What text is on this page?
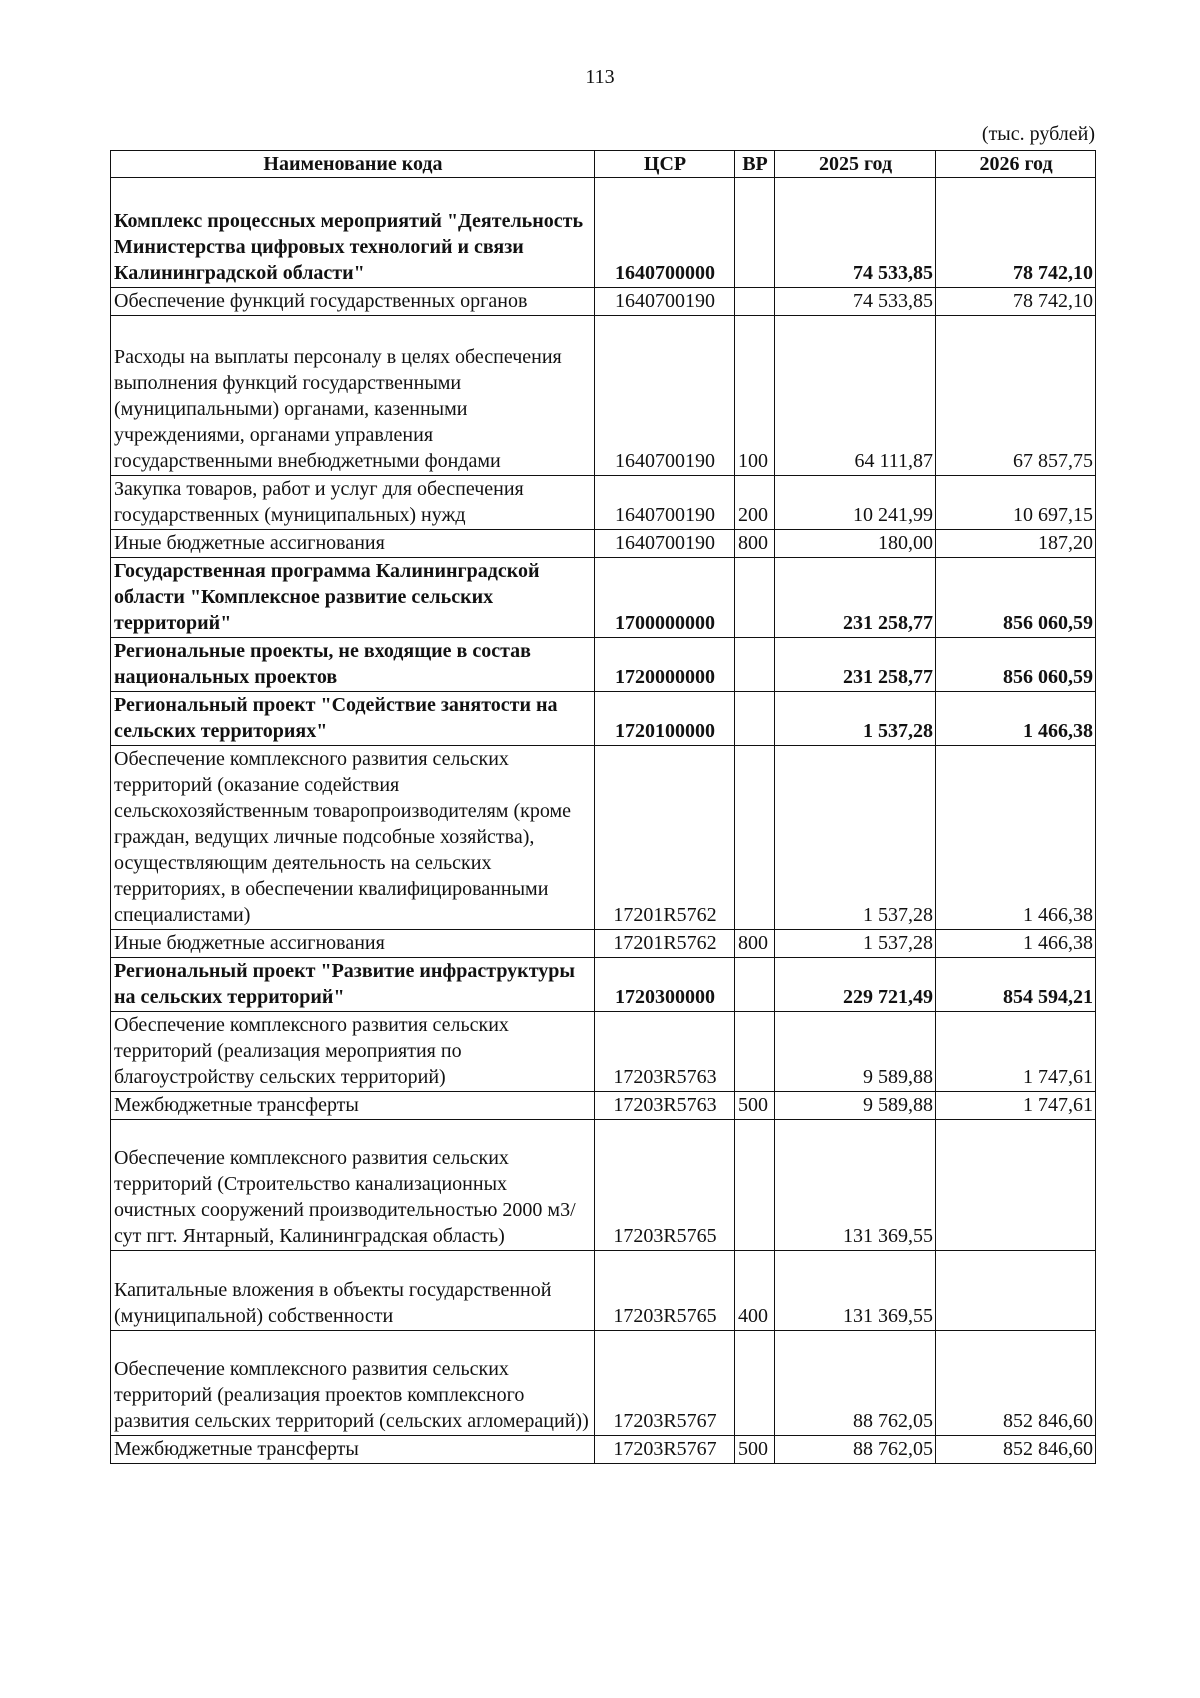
113
(тыс. рублей)
Наименование кода	ЦСР	ВР	2025 год	2026 год
Комплекс процессных мероприятий "Деятельность Министерства цифровых технологий и связи Калининградской области"	1640700000		74 533,85	78 742,10
Обеспечение функций государственных органов	1640700190		74 533,85	78 742,10
Расходы на выплаты персоналу в целях обеспечения выполнения функций государственными (муниципальными) органами, казенными учреждениями, органами управления государственными внебюджетными фондами	1640700190	100	64 111,87	67 857,75
Закупка товаров, работ и услуг для обеспечения государственных (муниципальных) нужд	1640700190	200	10 241,99	10 697,15
Иные бюджетные ассигнования	1640700190	800	180,00	187,20
Государственная программа Калининградской области "Комплексное развитие сельских территорий"	1700000000		231 258,77	856 060,59
Региональные проекты, не входящие в состав национальных проектов	1720000000		231 258,77	856 060,59
Региональный проект "Содействие занятости на сельских территориях"	1720100000		1 537,28	1 466,38
Обеспечение комплексного развития сельских территорий (оказание содействия сельскохозяйственным товаропроизводителям (кроме граждан, ведущих личные подсобные хозяйства), осуществляющим деятельность на сельских территориях, в обеспечении квалифицированными специалистами)	17201R5762		1 537,28	1 466,38
Иные бюджетные ассигнования	17201R5762	800	1 537,28	1 466,38
Региональный проект "Развитие инфраструктуры на сельских территорий"	1720300000		229 721,49	854 594,21
Обеспечение комплексного развития сельских территорий (реализация мероприятия по благоустройству сельских территорий)	17203R5763		9 589,88	1 747,61
Межбюджетные трансферты	17203R5763	500	9 589,88	1 747,61
Обеспечение комплексного развития сельских территорий (Строительство канализационных очистных сооружений производительностью 2000 м3/сут пгт. Янтарный, Калининградская область)	17203R5765		131 369,55	
Капитальные вложения в объекты государственной (муниципальной) собственности	17203R5765	400	131 369,55	
Обеспечение комплексного развития сельских территорий (реализация проектов комплексного развития сельских территорий (сельских агломераций))	17203R5767		88 762,05	852 846,60
Межбюджетные трансферты	17203R5767	500	88 762,05	852 846,60
